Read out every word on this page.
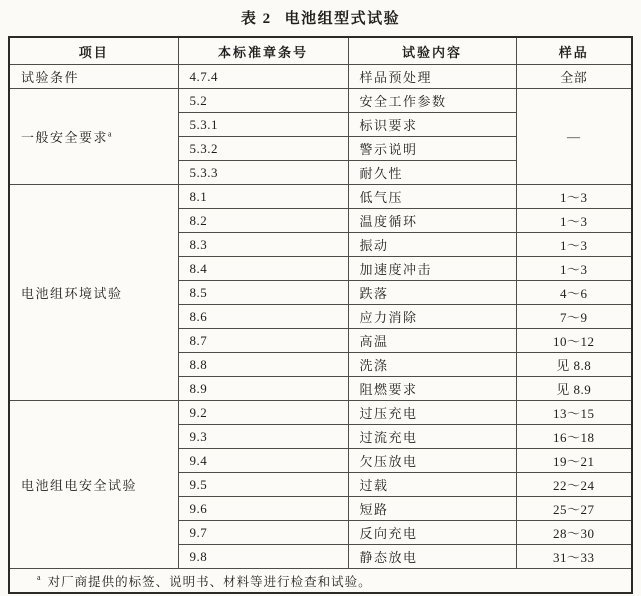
表 2 电池组型式试验
项目	本标准章条号	试验内容	样品
试验条件	4.7.4	样品预处理	全部
一般安全要求$^a$	5.2	安全工作参数	—
	5.3.1	标识要求	
	5.3.2	警示说明	
	5.3.3	耐久性	
电池组环境试验	8.1	低气压	1～3
	8.2	温度循环	1～3
	8.3	振动	1～3
	8.4	加速度冲击	1～3
	8.5	跌落	4～6
	8.6	应力消除	7～9
	8.7	高温	10～12
	8.8	洗涤	见 8.8
	8.9	阻燃要求	见 8.9
电池组电安全试验	9.2	过压充电	13～15
	9.3	过流充电	16～18
	9.4	欠压放电	19～21
	9.5	过载	22～24
	9.6	短路	25～27
	9.7	反向充电	28～30
	9.8	静态放电	31～33
$^a$ 对厂商提供的标签、说明书、材料等进行检查和试验。			
